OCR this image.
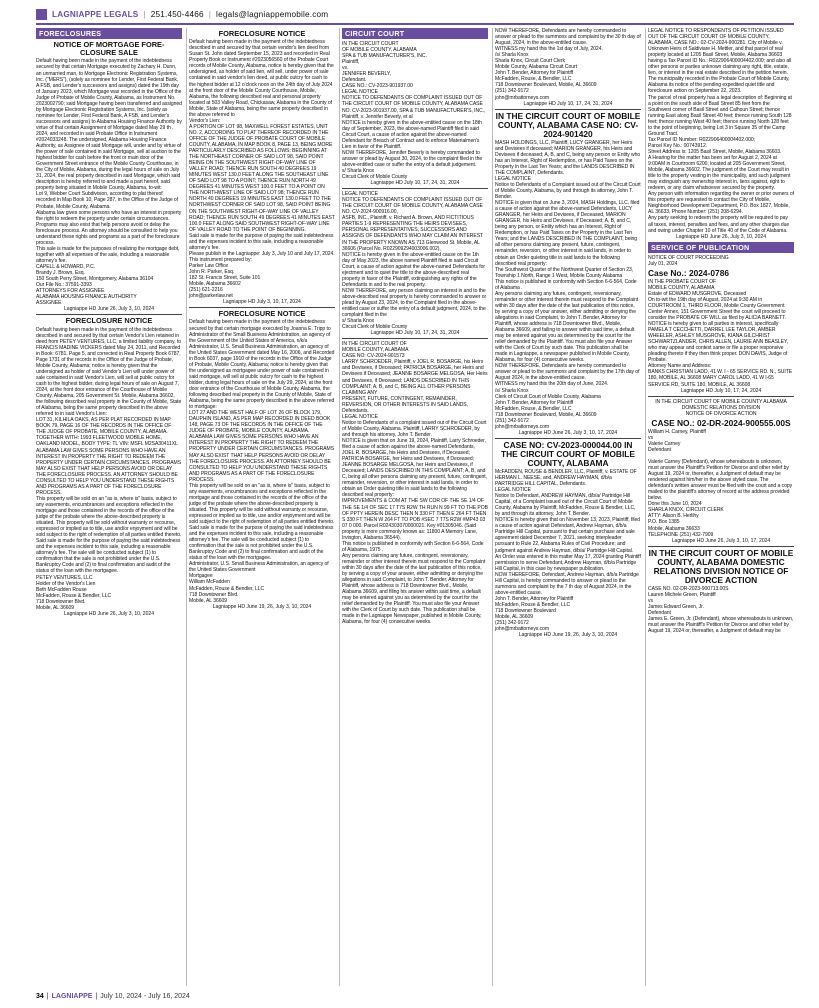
LAGNIAPPE LEGALS | 251.450-4466 | legals@lagniappemobile.com
FORECLOSURES
NOTICE OF MORTGAGE FORE-CLOSURE SALE

Default having been made in the payment of the indebtedness secured by that certain Mortgage executed by Zachary H. Dunn, an unmarried man, to Mortgage Electronic Registration Systems, Inc. ("MERS"), (solely as nominee for Lender, First Federal Bank, A FSB, and Lender's successors and assigns) dated the 19th day of January 2023, which Mortgage was recorded in the Office of the Judge of Probate of Mobile County, Alabama, as Instrument No. 2023002790; said Mortgage having been transferred and assigned by Mortgage Electronic Registration Systems, Inc. (solely as nominee for Lender, First Federal Bank, A FSB, and Lender's successors and assigns) to Alabama Housing Finance Authority by virtue of that certain Assignment of Mortgage dated May 29 th , 2024, and recorded in said Probate Office in Instrument #2024033248. The undersigned, Alabama Housing Finance Authority, as Assignee of said Mortgage will, under and by virtue of the power of sale contained in said Mortgage, sell at auction to the highest bidder for cash before the front or main door of the Government Street entrance of the Mobile County Courthouse, in the City of Mobile, Alabama, during the legal hours of sale on July 31, 2024, the real property described in said Mortgage, which said description is hereby referred to and made a part hereof, said property being situated in Mobile County, Alabama, to-wit:
Lot 9, Webber Court Subdivision, according to plat thereof recorded in Map Book 10, Page 287, in the Office of the Judge of Probate, Mobile County, Alabama.
Alabama law gives some persons who have an interest in property the right to redeem the property under certain circumstances. Programs may also exist that help persons avoid or delay the foreclosure process. An attorney should be consulted to help you understand these rights and programs as a part of the foreclosure process.
This sale is made for the purposes of realizing the mortgage debt, together with all expenses of the sale, including a reasonable attorney's fee.
CAPELL & HOWARD, P.C.
Brandy J. Brown, Esq.
150 South Perry Street, Montgomery, Alabama 36104
Our File No.: 37591-3393
ATTORNEYS FOR ASSIGNEE
ALABAMA HOUSING FINANCE AUTHORITY
ASSIGNEE

Lagniappe HD June 26, July 3, 10, 2024

FORECLOSURE NOTICE

Default having been made in the payment of the indebtedness described in and secured by that certain Vendor's Lien retained in deed from PETEY VENTURES, LLC, a limited liability company, to FRANCIS MADINE VICKERS dated May 24, 2011, and Recorded in Book: 6781, Page 5, and corrected in Real Property Book 6787, Page 1731 of the records in the Office of the Judge of Probate, Mobile County, Alabama; notice is hereby given that the undersigned as holder of said Vendor's Lien will under power of sale contained in said Vendor's Lien, will sell at public outcry for cash to the highest bidder, during legal hours of sale on August 7, 2024, at the front door entrance of the Courthouse of Mobile County, Alabama, 205 Government St. Mobile, Alabama 36602, the following described real property in the County of Mobile, State of Alabama, being the same property described in the above referred to in said Vendor's Lien:
LOT 31, KILHILA OAKS, AS PER PLAT RECORDED IN MAP BOOK 79, PAGE 16 OF THE RECORDS IN THE OFFICE OF THE JUDGE OF PROBATE, MOBILE COUNTY, ALABAMA. TOGETHER WITH: 1993 FLEETWOOD MOBILE HOME, OAKLAND MODEL, BODY TYPE: TL VIN: MSFL M2SA30411XL
ALABAMA LAW GIVES SOME PERSONS WHO HAVE AN INTEREST IN PROPERTY THE RIGHT TO REDEEM THE PROPERTY UNDER CERTAIN CIRCUMSTANCES. PROGRAMS MAY ALSO EXIST THAT HELP PERSONS AVOID OR DELAY THE FORECLOSURE PROCESS. AN ATTORNEY SHOULD BE CONSULTED TO HELP YOU UNDERSTAND THESE RIGHTS AND PROGRAMS AS A PART OF THE FORECLOSURE PROCESS.
This property will be sold on an "as is, where is" basis, subject to any easements, encumbrances and exceptions reflected in the mortgage and those contained in the records of the office of the judge of the probate where the above-described property is situated. This property will be sold without warranty or recourse, expressed or implied as to title, use and/or enjoyment and will be sold subject to the right of redemption of all parties entitled thereto.
Said sale is made for the purpose of paying the said indebtedness and the expenses incident to this sale, including a reasonable attorney's fee. The sale will be conducted subject (1) to confirmation that the sale is not prohibited under the U.S. Bankruptcy Code and (2) to final confirmation and audit of the status of the loan with the mortgagee.
PETEY VENTURES, LLC
Holder of the Vendor's Lien
Beth McFadden Rouse
McFadden, Rouse & Bendler, LLC
718 Downtowner Blvd.
Mobile, AL 36609

Lagniappe HD June 26, July 3, 10, 2024

FORECLOSURE NOTICE

Default having been made in the payment of the indebtedness described in and secured by that certain vendor's lien deed from Susan St. John dated September 15, 2023 and recorded in Real Property Book or Instrument #2023056560 of the Probate Court records of Mobile County, Alabama, notice is hereby given that the undersigned, as holder of said lien, will sell, under power of sale contained in said vendor's lien deed, at public outcry for cash to the highest bidder at 12 o'clock noon on the 24th day of July 2024 at the front door of the Mobile County Courthouse, Mobile, Alabama, the following described real and personal property located at 503 Valley Road, Chickasaw, Alabama in the County of Mobile, State of Alabama, being the same property described in the above referred to
Vendor's Lien:
A PORTION OF LOT 98, MAXWELL FOREST ESTATES, UNIT NO. 2, ACCORDING TO PLAT THEREOF RECORDED IN THE OFFICE OF THE JUDGE OF PROBATE COURT OF MOBILE COUNTY, ALABAMA, IN MAP BOOK 8, PAGE 13, BEING MORE PARTICULARLY DESCRIBED AS FOLLOWS: BEGINNING AT THE NORTHEAST CORNER OF SAID LOT 98, SAID POINT BEING ON THE SOUTHWEST RIGHT-OF-WAY LINE OF VALLEY ROAD; THENCE RUN SOUTH 40 DEGREES 19 MINUTES WEST 130.0 FEET ALONG THE SOUTHEAST LINE OF SAID LOT 98 TO A POINT; THENCE RUN NORTH 49 DEGREES 41 MINUTES WEST 100.0 FEET TO A POINT ON THE NORTHWEST LINE OF SAID LOT 98; THENCE RUN NORTH 40 DEGREES 19 MINUTES EAST 130.0 FEET TO THE NORTHWEST CORNER OF SAID LOT 98, SAID POINT BEING ON THE SOUTHWEST RIGHT-OF-WAY LINE OF VALLEY ROAD; THENCE RUN SOUTH 49 DEGREES 41 MINUTES EAST 100.0 FEET ALONG SAID SOUTHWEST RIGHT-OF-WAY LINE OF VALLEY ROAD TO THE POINT OF BEGINNING.
Said sale is made for the purpose of paying the said indebtedness and the expenses incident to this sale, including a reasonable attorney's fee.
Please publish in the Lagniappe: July 3, July 10 and July 17, 2024.
This instrument prepared by:
Parker Law Office
John R. Parker, Esq.
182 St. Francis Street, Suite 101
Mobile, Alabama 36602
(251) 621-2216
john@parkerlaw.net

Lagniappe HD July 3, 10, 17, 2024

FORECLOSURE NOTICE

Default having been made in the payment of the indebtedness secured by that certain mortgage executed by Joanna E. Tripp to Administrator of the Small Business Administration, an agency of the Government of the United States of America, n/k/a Administrator, U.S. Small Business Administration, an agency of the United States Government dated May 16, 2006, and Recorded in Book 6037, page 1910 of the records in the Office of the Judge of Probate, Mobile County, Alabama; notice is hereby given that the undersigned as mortgagee under power of sale contained in said mortgage, will sell at public outcry for cash to the highest bidder, during legal hours of sale on the July 29, 2024, at the front door entrance of the Courthouse of Mobile County, Alabama, the following described real property in the County of Mobile, State of Alabama, being the same property described in the above referred to mortgage:
LOT 27 AND THE WEST HALF OF LOT 26 OF BLOCK 179, DAUPHIN ISLAND, AS PER MAP RECORDED IN DEED BOOK 148, PAGE 73 OF THE RECORDS IN THE OFFICE OF THE JUDGE OF PROBATE, MOBILE COUNTY, ALABAMA.
ALABAMA LAW GIVES SOME PERSONS WHO HAVE AN INTEREST IN PROPERTY THE RIGHT TO REDEEM THE PROPERTY UNDER CERTAIN CIRCUMSTANCES. PROGRAMS MAY ALSO EXIST THAT HELP PERSONS AVOID OR DELAY THE FORECLOSURE PROCESS. AN ATTORNEY SHOULD BE CONSULTED TO HELP YOU UNDERSTAND THESE RIGHTS AND PROGRAMS AS A PART OF THE FORECLOSURE PROCESS.
This property will be sold on an "as is, where is" basis, subject to any easements, encumbrances and exceptions reflected in the mortgage and those contained in the records of the office of the judge of the probate where the above-described property is situated. This property will be sold without warranty or recourse, expressed or implied as to title, use and/or enjoyment and will be sold subject to the right of redemption of all parties entitled thereto.
Said sale is made for the purpose of paying the said indebtedness and the expenses incident to this sale, including a reasonable attorney's fee. The sale will be conducted subject (1) to confirmation that the sale is not prohibited under the U.S. Bankruptcy Code and (2) to final confirmation and audit of the status of the loan with the mortgagee.
Administrator, U.S. Small Business Administration, an agency of the United States Government
Mortgagee
William McFadden
McFadden, Rouse & Bendler, LLC
718 Downtowner Blvd.
Mobile, AL 36609

Lagniappe HD June 19, 26, July 3, 10, 2024

CIRCUIT COURT

IN THE CIRCUIT COURT
OF MOBILE COUNTY, ALABAMA
SPA & TUB MANUFACTURER'S, INC.
Plaintiff,
vs.
JENNIFER BEVERLY,
Defendant.
CASE NO.: CV-2023-901937.00
LEGAL NOTICE
NOTICE TO DEFENDANTS OF COMPLAINT ISSUED OUT OF THE CIRCUIT COURT OF MOBILE COUNTY, ALABAMA CASE NO. CV-2023-901937.00, SPA & TUB MANUFACTURER'S, INC., Plaintiff, v. Jennifer Beverly, et al
NOTICE is hereby given in the above-entitled cause on the 18th day of September, 2023, the above-named Plaintiff filed in said Circuit Court, a cause of action against the above-named Defendant for Breach of Contract and to enforce Materialmen's Lien in favor of the Plaintiff.
NOW THEREFORE, Jennifer Beverly is hereby commanded to answer or plead by August 30, 2024, to the complaint filed in the above-entitled case or suffer the entry of a default judgement.
s/ Sharla Knox
Circuit Clerk of Mobile County

Lagniappe HD July 10, 17, 24, 31, 2024

LEGAL NOTICE
NOTICE TO DEFENDANTS OF COMPLAINT ISSUED OUT OF THE CIRCUIT COURT OF MOBILE COUNTY, ALABAMA CASE NO. CV-2024-900916.00,
ASFB, INC., Plaintiff, v. Richard A. Brown, AND FICTITIOUS PARTIES 1-9 REPRESENTING THE HEIRS DEVISEES, PERSONAL REPRESENTATIVES, SUCCESSORS AND ASSIGNS OF DEFENDANTS WHO MAY CLAIM AN INTEREST IN THE PROPERTY KNOWN AS 713 Glenwood St. Mobile, AL 36606 (Parcel No. R022909294003006.002),
NOTICE is hereby given in the above-entitled cause on the 1th day of May 2023, the above named Plaintiff filed in said Circuit Court, a cause of action against the above-named Defendants for ejectment and to quiet the title to the above-described real property in favor of the Plaintiff, extinguishing any rights of the Defendants in and to the real property.
NOW THEREFORE, any person claiming an interest in and to the above-described real property is hereby commanded to answer or plead by August 23, 2024, to the Complaint filed in the above-entitled case or suffer the entry of a default judgment, 2024, to the complaint filed in the
s/ Sharla Knox
Circuit Clerk of Mobile County

Lagniappe HD July 10, 17, 24, 31, 2024

IN THE CIRCUIT COURT OF
MOBILE COUNTY, ALABAMA
CASE NO: CV-2024-901573
LARRY SCHROEDER, Plaintiff, v JOEL R. BOSARGE, his Heirs and Devisees, if Deceased; PATRICIA BOSARGE, her Heirs and Devisees if Deceased; JEANNE BOSARGE MELGOSA, Her Heirs and Devisees, if Deceased; LANDS DESCRIBED IN THIS COMPLAINT; A, B, and C, BEING ALL OTHER PERSONS CLAIMING ANY
PRESENT, FUTURE, CONTINGENT, REMAINDER, REVERSION, OR OTHER INTERESTS IN SAID LANDS, Defendants.
LEGAL NOTICE
Notice to Defendants of a complaint issued out of the Circuit Court of Mobile County, Alabama. Plaintiff, LARRY SCHROEDER, by and through his attorney, John T. Bender.
NOTICE is given that on June 19, 2024, Plaintiff, Larry Schroeder, filed a cause of action against the above-named Defendants, JOEL R. BOSARGE, his Heirs and Devisees, if Deceased; PATRICIA BOSARGE, her Heirs and Devisees, if Deceased; JEANNE BOSARGE MELGOSA, her Heirs and Devisees, if Deceased; LANDS DESCRIBED IN THIS COMPLAINT; A, B, and C, being all other persons claiming any present, future, contingent, remainder, reversion, or other interest in said lands, in order to obtain an Order quieting title in said lands to the following described real property:
IMPROVEMENTS & COM AT THE SW COR OF THE SE 1/4 OF THE SE 1/4 OF SEC 17 T7S R2W TH RUN N 99 FT TO THE POB OF PPTY HEREIN DESC THEN N 330 FT THEN E 264 FT THEN S 330 FT THEN W 264 FT TO POB #SEC 7 T7S R2W #MP43 03 07 0 000. Parcel R024303070000021. Key #01305046. (Said property is more commonly known as: 11800 A Memory Lane, Irvington, Alabama 36544).
This notice is published in conformity with Section 6-6-564, Code of Alabama, 1975 .
Any persons claiming any future, contingent, reversionary, remainder or other interest therein must respond to the Complaint within 30 days after the date of the last publication of this notice, by serving a copy of your answer, either admitting or denying the allegations in said Complaint, to John T. Bender, Attorney for Plaintiff, whose address is 718 Downtowner Blvd., Mobile, Alabama 36609, and filing his answer within said time, a default may be entered against you as determined by the court for the relief demanded by the Plaintiff. You must also file your Answer with the Clerk of Court by such date. This publication shall be made in the Lagniappe Newspaper, published in Mobile County, Alabama, for four (4) consecutive weeks.

NOW THEREFORE, Defendants are hereby commanded to answer or plead to the summons and complaint by the 30 th day of August, 2024, in the above-entitled cause.
WITNESS my hand this the 1st day of July, 2024.
/s/ Sharla Knox
Sharla Knox, Circuit Court Clerk
Mobile County, Alabama Circuit Court
John T. Bender, Attorney for Plaintiff
McFadden, Rouse, & Bendler, LLC
718 Downtowner Boulevard, Mobile, AL 36609
(251) 342-9172
john@mrbattorneys.com

Lagniappe HD July 10, 17, 24, 31, 2024

IN THE CIRCUIT COURT OF MOBILE COUNTY, ALABAMA CASE NO: CV-2024-901420

MASH HOLDINGS, LLC, Plaintiff, LUCY GRANGER, her Heirs and Devisees if deceased; MARION GRANGER, his Heirs and Devisees if deceased; A, B, and C, being any person or Entity who has an Interest, Right of Redemption, or has Paid Taxes on the Property in the Last Ten Years; and the LANDS DESCRIBED IN THE COMPLAINT, Defendants.
LEGAL NOTICE
Notice to Defendants of a Complaint issued out of the Circuit Court of Mobile County, Alabama, by and through its attorney, John T. Bender.
NOTICE is given that on June 3, 2024, MASH Holdings, LLC, filed a cause of action against the above-named Defendants, LUCY GRANGER, her Heirs and Devisees, if Deceased, MARION GRANGER, his Heirs and Devisees, if Deceased; A, B, and C, being any person, or Entity which has an Interest, Right of Redemption, or has Paid Taxes on the Property in the Last Ten Years; and the LANDS DESCRIBED IN THE COMPLAINT, being all other persons claiming any present, future, contingent, remainder, reversion, or other interest in said lands, in order to obtain an Order quieting title in said lands to the following described real property:
The Southwest Quarter of the Northwest Quarter of Section 23, Township 1 North, Range 1 West, Mobile County Alabama
This notice is published in conformity with Section 6-6-564, Code of Alabama .
Any persons claiming any future, contingent, reversionary, remainder or other interest therein must respond to the Complaint within 30 days after the date of the last publication of this notice, by serving a copy of your answer, either admitting or denying the allegations in said Complaint, to John T. Bender, Attorney for Plaintiff, whose address is 718 Downtowner Blvd., Mobile, Alabama 36609, and failing to answer within said time, a default may be entered against you as determined by the court for the relief demanded by the Plaintiff. You must also file your Answer with the Clerk of Court by such date. This publication shall be made in Lagniappe, a newspaper published in Mobile County, Alabama, for four (4) consecutive weeks.
NOW THEREFORE, Defendants are hereby commanded to answer or plead to the summons and complaint by the 17th day of August 2024, in the above-entitled cause.
WITNESS my hand this the 20th day of June, 2024.
/s/ Sharla Knox
Clerk of Circuit Court of Mobile County, Alabama
John T. Bender, Attorney for Plaintiff
McFadden, Rouse, & Bendler, LLC
718 Downtowner Boulevard, Mobile, AL 36609
(251) 342-9172
john@mrbattorneys.com

Lagniappe HD June 26, July 3, 10, 17, 2024

CASE NO: CV-2023-000044.00 IN THE CIRCUIT COURT OF MOBILE COUNTY, ALABAMA

McFADDEN, ROUSE & BENDLER, LLC, Plaintiff, v. ESTATE OF HERMAN L. NEESE, and, ANDREW HAYMAN, d/b/a PARTRIDGE HILL CAPITAL, Defendants.
LEGAL NOTICE
Notice to Defendant, ANDREW HAYMAN, d/b/a/ Partridge Hill Capital, of a Complaint issued out of the Circuit Court of Mobile County, Alabama by Plaintiff, McFadden, Rouse & Bendler, LLC, by and through its attorney, John T. Bender.
NOTICE is hereby given that on November 13, 2023, Plaintiff, filed a cause of action against Defendant, Andrew Hayman, d/b/a Partridge Hill Capital, pursuant to that certain purchase and sale agreement dated December 7, 2021, seeking interpleader pursuant to Rule 22, Alabama Rules of Civil Procedure; and judgment against Andrew Hayman, d/b/a/ Partridge Hill Capital.
An Order was entered in this matter May 17, 2024 granting Plaintiff permission to serve Defendant, Andrew Hayman, d/b/a Partridge Hill Capital, in this case by newspaper publication.
NOW THEREFORE, Defendant, Andrew Hayman, d/b/a Partridge Hill Capital, is hereby commanded to answer or plead to the summons and complaint by the 7 th day of August 2024, in the above-entitled cause.
John T. Bender, Attorney for Plaintiff
McFadden, Rouse & Bendler, LLC
718 Downtowner Boulevard
Mobile, AL 36609
(251) 342-9172
john@mrbattorneys.com

Lagniappe HD June 19, 26, July 3, 10, 2024

LEGAL NOTICE TO RESPONDENTS OF PETITION ISSUED OUT OF THE CIRCUIT COURT OF MOBILE COUNTY, ALABAMA, CASE NO.: 02-CV-2024-900281. City of Mobile v. Unknown Heirs of Saldiviare H. Mettler, and that parcel of real property located at 1205 Basil Street, Mobile, Alabama 36603 having a Tax Parcel ID No.: R022906400004402.000; and also all other persons or parties unknown claiming any right, title, estate, lien, or interest in the real estate described in the petition herein.
The municipality recorded in the Probate Court of Mobile County, Alabama its notice of the pending expedited quiet title and foreclosure action on September 22, 2023.
The parcel of real property has a legal description of: Beginning at a point on the south side of Basil Street 85 feet from the Southwest corner of Basil Street and Calhoun Street; thence running East along Basil Street 40 feet; thence running South 128 feet; thence running West 40 feet; thence running North 128 feet to the point of beginning, being Lot 3 in Square 35 of the Camp Ground Tract.
Tax Parcel ID Number: R022906400004402.000;
Parcel Key No.: 00743912.
Street Address is: 1205 Basil Street, Mobile, Alabama 36603.
A Hearing for the matter has been set for August 2, 2024 at 9:00AM in Courtroom 6200, located at 205 Government Street, Mobile, Alabama 36602. The judgment of the Court may result in title to the property vesting in the municipality, and such judgment may extinguish any ownership interest in, liens against, right to redeem, or any claim whatsoever secured by the property.
Any person with information regarding the owner or prior owners of this property are requested to contact the City of Mobile, Neighborhood Development Department, P.O. Box 1827, Mobile, AL 36633, Phone Number: (251) 208-6294.
Any party seeking to redeem the property will be required to pay all taxes, interest, penalties and fees, and any other charges due and owing under Chapter 10 of Title 40 of the Code of Alabama.

Lagniappe HD June 26, July 3, 10, 2024

SERVICE OF PUBLICATION

NOTICE OF COURT PROCEEDING
July 01, 2024

Case No.: 2024-0786

IN THE PROBATE COURT OF
MOBILE COUNTY, ALABAMA
Estate of EDWARD MUSGROVE, Deceased
On to-wit the 19th day of August, 2024 at 9:30 AM in COURTROOM 1, THIRD FLOOR, Mobile County Government Center Annex, 151 Government Street the court will proceed to consider the PROBATE OF WILL as filed by ALICIA BARNETT. NOTICE is hereby given to all parties in interest, specifically PAMELA T CECCHETTI, DARREL LEE TAYLOR, AMBER WHEELER, ASHLEY MUSGROVE, KIANA GILCHRIST SCHWARTZLANDER, CHRIS ALLEN, LAURIE ANN BEASLEY, who may appear and contest same or file a proper responsive pleading thereto if they then think proper. DON DAVIS, Judge of Probate.
Attorney Name and Address:
BANKS CHRISTIAN LADD, 41 W. I - 65 SERVICE RD. N., SUITE 180, MOBILE, AL 36608 MARY CAROL LADD, 41 W I-65 SERVICE RD, SUITE 180, MOBILE, AL 36608

Lagniappe HD July 10, 17, 24, 2024

IN THE CIRCUIT COURT OF MOBILE COUNTY ALABAMA
DOMESTIC RELATIONS DIVISION
NOTICE OF DIVORCE ACTION

CASE NO.: 02-DR-2024-900555.00S

William H. Carney, Plaintiff
vs
Valerie Carney
Defendant

Valerie Carney (Defendant), whose whereabouts is unknown, must answer the Plaintiff's Petition for Divorce and other relief by August 19, 2024 or, thereafter, a Judgment of default may be rendered against him/her in the above styled case. The defendant's written answer must be filed with the court and a copy mailed to the plaintiff's attorney of record at the address provided below.
Done this June 10, 2024
SHARLA KNOX, CIRCUIT CLERK
ATTY: Alison B. Herlihy
P.O. Box 1385
Mobile, Alabama 36633
TELEPHONE (251) 432-7909

Lagniappe HD June 26, July 3, 10, 17, 2024

IN THE CIRCUIT COURT OF MOBILE COUNTY, ALABAMA DOMESTIC RELATIONS DIVISION NOTICE OF DIVORCE ACTION

CASE NO. 02-DR-2023-900713.00S
Lauren Michele Green, Plaintiff
vs
James Edward Green, Jr.
Defendant
James E. Green, Jr. (Defendant), whose whereabouts is unknown, must answer the Plaintiff's Petition for Divorce and other relief by August 19, 2024 or, thereafter, a Judgment of default may be

34 | LAGNIAPPE | July 10, 2024 - July 16, 2024
